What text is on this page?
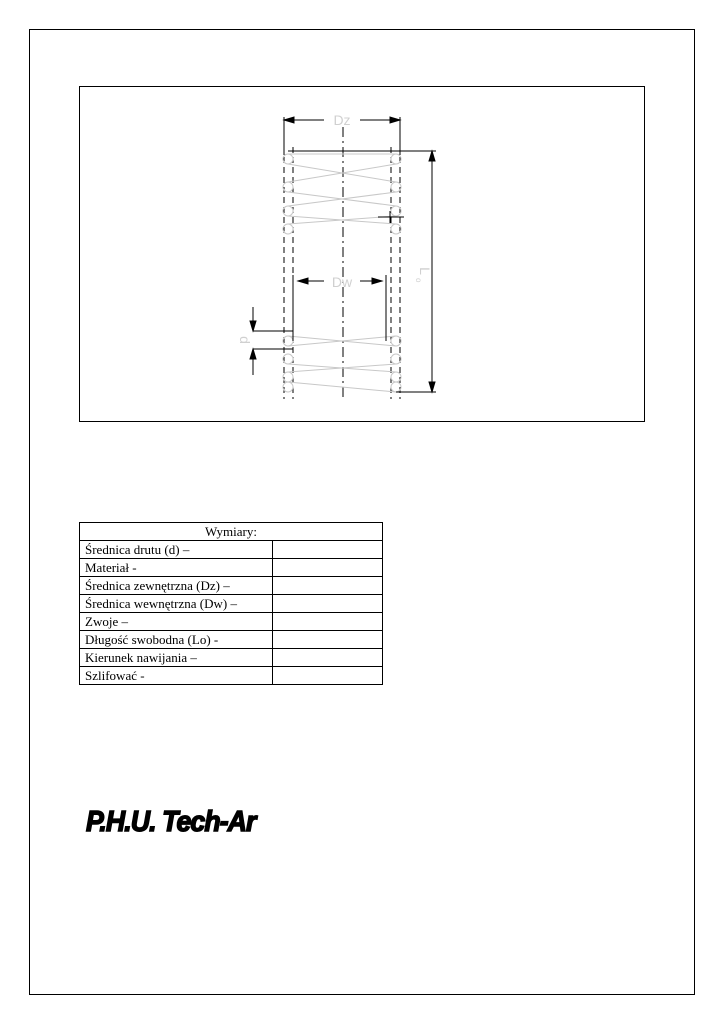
Dz
Dw
d
L
o
Wymiary:	
Średnica drutu (d) –	
Materiał -	
Średnica zewnętrzna (Dz) –	
Średnica wewnętrzna (Dw) –	
Zwoje –	
Długość swobodna (Lo) -	
Kierunek nawijania –	
Szlifować -	
P.H.U. Tech-Ar
